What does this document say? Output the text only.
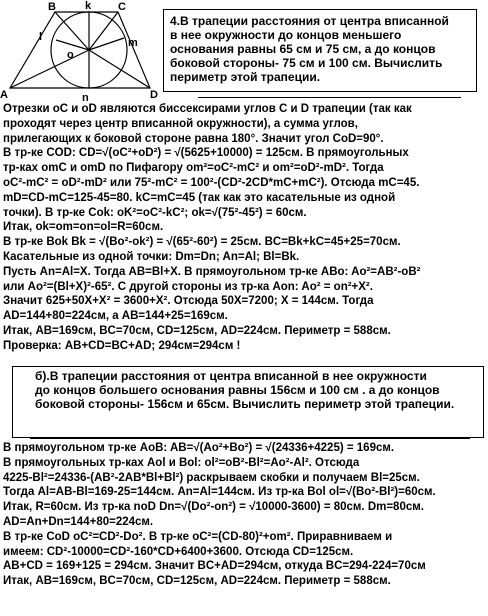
A
B	C
D
k
l	m
n
o
4.В трапеции расстояния от центра вписанной
в нее окружности до концов меньшего
основания равны 65 см и 75 см, а до концов
боковой стороны- 75 см и 100 см. Вычислить
периметр этой трапеции.
Отрезки oC и oD являются биссексирами углов C и D трапеции (так как
проходят через центр вписанной окружности), а сумма углов,
прилегающих к боковой стороне равна 180°. Значит угол CoD=90°.
В тр-ке COD: CD=√(oC²+oD²) = √(5625+10000) = 125см. В прямоугольных
тр-ках omC и omD по Пифагору om²=oC²-mC² и om²=oD²-mD². Тогда
oC²-mC² = oD²-mD² или 75²-mC² = 100²-(CD²-2CD*mC+mC²). Отсюда mC=45.
mD=CD-mC=125-45=80. kC=mC=45 (так как это касательные из одной
точки). В тр-ке Cok: oK²=oC²-kC²; ok=√(75²-45²) = 60см.
Итак, ok=om=on=ol=R=60см.
В тр-ке Bok Bk = √(Bo²-ok²) = √(65²-60²) = 25см. BC=Bk+kC=45+25=70см.
Касательные из одной точки: Dm=Dn; An=Al; Bl=Bk.
Пусть An=Al=X. Тогда AB=Bl+X. В прямоугольном тр-ке ABo: Ao²=AB²-oB²
или Ao²=(Bl+X)²-65². С другой стороны из тр-ка Aon: Ao² = on²+X².
Значит 625+50X+X² = 3600+X². Отсюда 50X=7200; X = 144см. Тогда
AD=144+80=224см, а AB=144+25=169см.
Итак, AB=169см, BC=70см, CD=125см, AD=224см. Периметр = 588см.
Проверка: AB+CD=BC+AD; 294см=294см !
б).В трапеции расстояния от центра вписанной в нее окружности
до концов большего основания равны 156см и 100 см . а до концов
боковой стороны- 156см и 65см. Вычислить периметр этой трапеции.
В прямоугольном тр-ке AoB: AB=√(Ao²+Bo²) = √(24336+4225) = 169см.
В прямоугольных тр-ках Aol и Bol: ol²=oB²-Bl²=Ao²-Al². Отсюда
4225-Bl²=24336-(AB²-2AB*Bl+Bl²) раскрываем скобки и получаем Bl=25см.
Тогда Al=AB-Bl=169-25=144см. An=Al=144см. Из тр-ка Bol ol=√(Bo²-Bl²)=60см.
Итак, R=60см. Из тр-ка noD Dn=√(Do²-on²) = √10000-3600) = 80см. Dm=80см.
AD=An+Dn=144+80=224см.
В тр-ке CoD oC²=CD²-Do². В тр-ке oC²=(CD-80)²+om². Приравниваем и
имеем: CD²-10000=CD²-160*CD+6400+3600. Отсюда CD=125см.
AB+CD = 169+125 = 294см. Значит BC+AD=294см, откуда BC=294-224=70см
Итак, AB=169см, BC=70см, CD=125см, AD=224см. Периметр = 588см.
